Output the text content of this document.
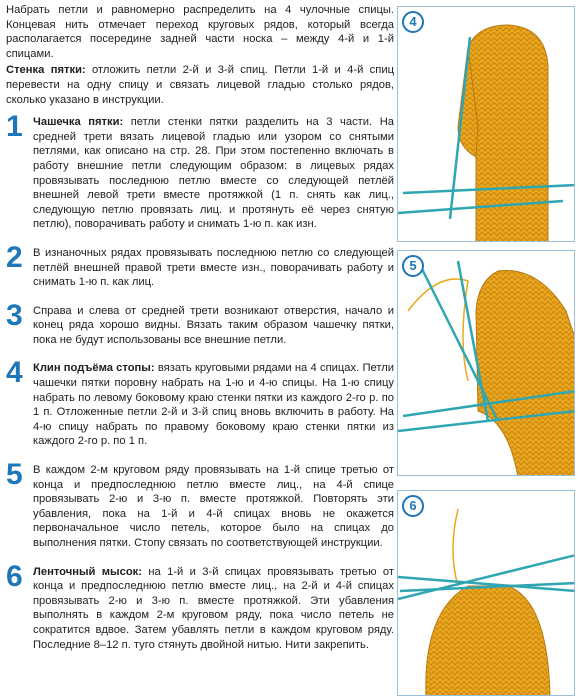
Набрать петли и равномерно распределить на 4 чулочные спицы. Концевая нить отмечает переход круговых рядов, который всегда располагается посередине задней части носка – между 4-й и 1-й спицами.

Стенка пятки: отложить петли 2-й и 3-й спиц. Петли 1-й и 4-й спиц перевести на одну спицу и связать лицевой гладью столько рядов, сколько указано в инструкции.

1 Чашечка пятки: петли стенки пятки разделить на 3 части. На средней трети вязать лицевой гладью или узором со снятыми петлями, как описано на стр. 28. При этом постепенно включать в работу внешние петли следующим образом: в лицевых рядах провязывать последнюю петлю вместе со следующей петлёй внешней левой трети вместе протяжкой (1 п. снять как лиц., следующую петлю провязать лиц. и протянуть её через снятую петлю), поворачивать работу и снимать 1-ю п. как изн.
2 В изнаночных рядах провязывать последнюю петлю со следующей петлёй внешней правой трети вместе изн., поворачивать работу и снимать 1-ю п. как лиц.
3 Справа и слева от средней трети возникают отверстия, начало и конец ряда хорошо видны. Вязать таким образом чашечку пятки, пока не будут использованы все внешние петли.
4 Клин подъёма стопы: вязать круговыми рядами на 4 спицах. Петли чашечки пятки поровну набрать на 1-ю и 4-ю спицы. На 1-ю спицу набрать по левому боковому краю стенки пятки из каждого 2-го р. по 1 п. Отложенные петли 2-й и 3-й спиц вновь включить в работу. На 4-ю спицу набрать по правому боковому краю стенки пятки из каждого 2-го р. по 1 п.
5 В каждом 2-м круговом ряду провязывать на 1-й спице третью от конца и предпоследнюю петлю вместе лиц., на 4-й спице провязывать 2-ю и 3-ю п. вместе протяжкой. Повторять эти убавления, пока на 1-й и 4-й спицах вновь не окажется первоначальное число петель, которое было на спицах до выполнения пятки. Стопу связать по соответствующей инструкции.
6 Ленточный мысок: на 1-й и 3-й спицах провязывать третью от конца и предпоследнюю петлю вместе лиц., на 2-й и 4-й спицах провязывать 2-ю и 3-ю п. вместе протяжкой. Эти убавления выполнять в каждом 2-м круговом ряду, пока число петель не сократится вдвое. Затем убавлять петли в каждом круговом ряду. Последние 8–12 п. туго стянуть двойной нитью. Нити закрепить.
4
5
6
